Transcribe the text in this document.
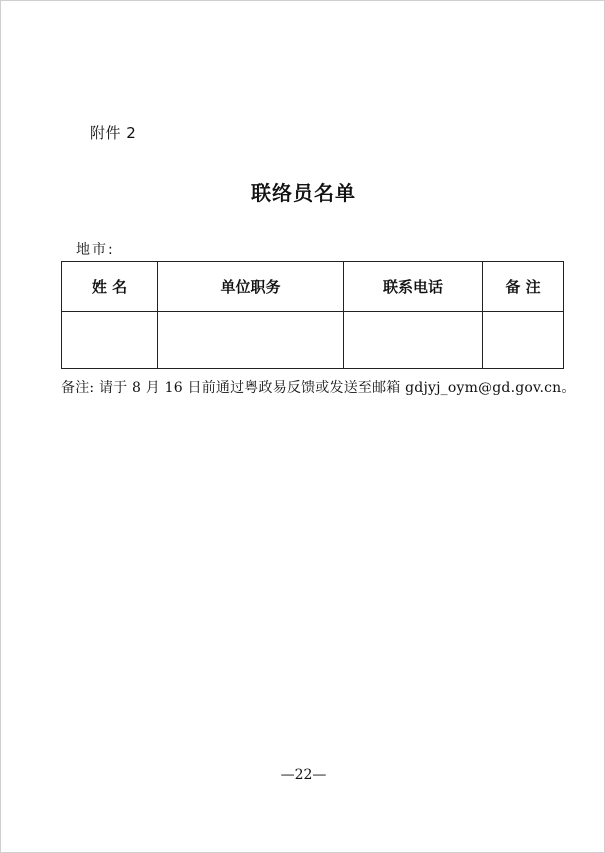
附件 2
联络员名单
地市:
姓 名	单位职务	联系电话	备 注

备注: 请于 8 月 16 日前通过粤政易反馈或发送至邮箱 gdjyj_oym@gd.gov.cn。
—22—
